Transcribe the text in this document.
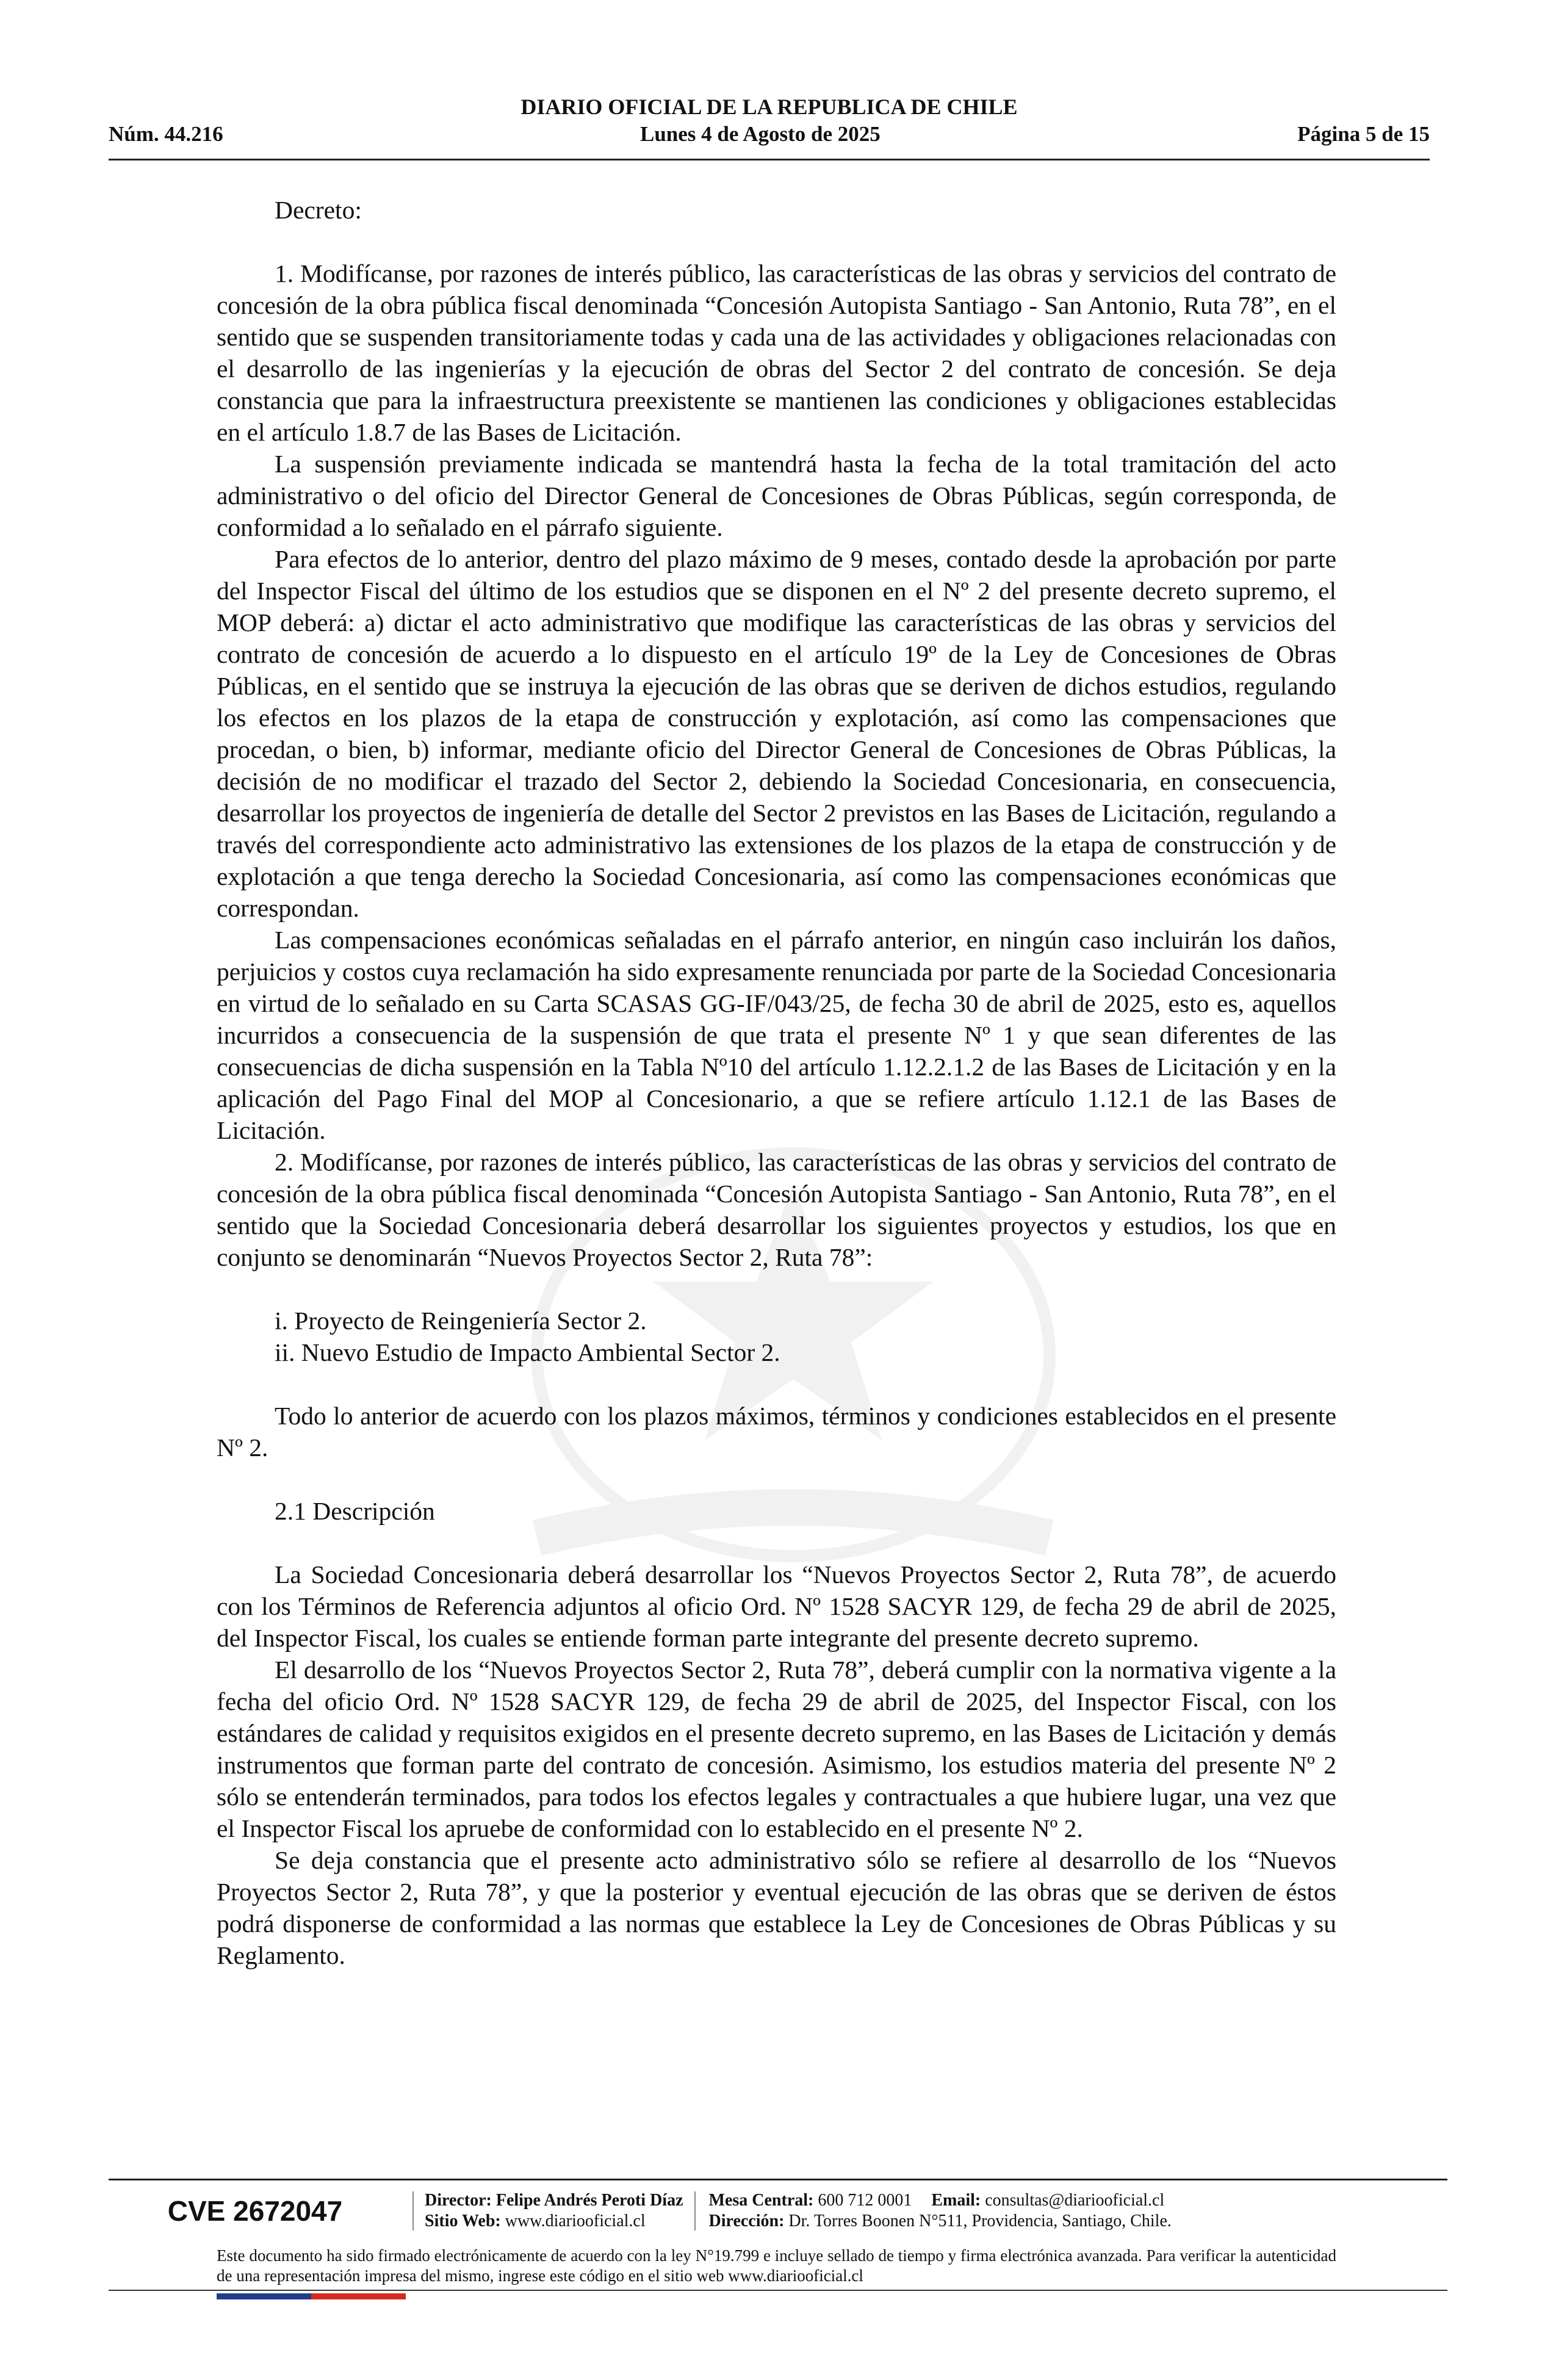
DIARIO OFICIAL DE LA REPUBLICA DE CHILE
Núm. 44.216	Lunes 4 de Agosto de 2025	Página 5 de 15

Decreto:

1. Modifícanse, por razones de interés público, las características de las obras y servicios del contrato de concesión de la obra pública fiscal denominada “Concesión Autopista Santiago - San Antonio, Ruta 78”, en el sentido que se suspenden transitoriamente todas y cada una de las actividades y obligaciones relacionadas con el desarrollo de las ingenierías y la ejecución de obras del Sector 2 del contrato de concesión. Se deja constancia que para la infraestructura preexistente se mantienen las condiciones y obligaciones establecidas en el artículo 1.8.7 de las Bases de Licitación.

La suspensión previamente indicada se mantendrá hasta la fecha de la total tramitación del acto administrativo o del oficio del Director General de Concesiones de Obras Públicas, según corresponda, de conformidad a lo señalado en el párrafo siguiente.

Para efectos de lo anterior, dentro del plazo máximo de 9 meses, contado desde la aprobación por parte del Inspector Fiscal del último de los estudios que se disponen en el Nº 2 del presente decreto supremo, el MOP deberá: a) dictar el acto administrativo que modifique las características de las obras y servicios del contrato de concesión de acuerdo a lo dispuesto en el artículo 19º de la Ley de Concesiones de Obras Públicas, en el sentido que se instruya la ejecución de las obras que se deriven de dichos estudios, regulando los efectos en los plazos de la etapa de construcción y explotación, así como las compensaciones que procedan, o bien, b) informar, mediante oficio del Director General de Concesiones de Obras Públicas, la decisión de no modificar el trazado del Sector 2, debiendo la Sociedad Concesionaria, en consecuencia, desarrollar los proyectos de ingeniería de detalle del Sector 2 previstos en las Bases de Licitación, regulando a través del correspondiente acto administrativo las extensiones de los plazos de la etapa de construcción y de explotación a que tenga derecho la Sociedad Concesionaria, así como las compensaciones económicas que correspondan.

Las compensaciones económicas señaladas en el párrafo anterior, en ningún caso incluirán los daños, perjuicios y costos cuya reclamación ha sido expresamente renunciada por parte de la Sociedad Concesionaria en virtud de lo señalado en su Carta SCASAS GG-IF/043/25, de fecha 30 de abril de 2025, esto es, aquellos incurridos a consecuencia de la suspensión de que trata el presente Nº 1 y que sean diferentes de las consecuencias de dicha suspensión en la Tabla Nº10 del artículo 1.12.2.1.2 de las Bases de Licitación y en la aplicación del Pago Final del MOP al Concesionario, a que se refiere artículo 1.12.1 de las Bases de Licitación.

2. Modifícanse, por razones de interés público, las características de las obras y servicios del contrato de concesión de la obra pública fiscal denominada “Concesión Autopista Santiago - San Antonio, Ruta 78”, en el sentido que la Sociedad Concesionaria deberá desarrollar los siguientes proyectos y estudios, los que en conjunto se denominarán “Nuevos Proyectos Sector 2, Ruta 78”:

i. Proyecto de Reingeniería Sector 2.

ii. Nuevo Estudio de Impacto Ambiental Sector 2.

Todo lo anterior de acuerdo con los plazos máximos, términos y condiciones establecidos en el presente Nº 2.

2.1 Descripción

La Sociedad Concesionaria deberá desarrollar los “Nuevos Proyectos Sector 2, Ruta 78”, de acuerdo con los Términos de Referencia adjuntos al oficio Ord. Nº 1528 SACYR 129, de fecha 29 de abril de 2025, del Inspector Fiscal, los cuales se entiende forman parte integrante del presente decreto supremo.

El desarrollo de los “Nuevos Proyectos Sector 2, Ruta 78”, deberá cumplir con la normativa vigente a la fecha del oficio Ord. Nº 1528 SACYR 129, de fecha 29 de abril de 2025, del Inspector Fiscal, con los estándares de calidad y requisitos exigidos en el presente decreto supremo, en las Bases de Licitación y demás instrumentos que forman parte del contrato de concesión. Asimismo, los estudios materia del presente Nº 2 sólo se entenderán terminados, para todos los efectos legales y contractuales a que hubiere lugar, una vez que el Inspector Fiscal los apruebe de conformidad con lo establecido en el presente Nº 2.

Se deja constancia que el presente acto administrativo sólo se refiere al desarrollo de los “Nuevos Proyectos Sector 2, Ruta 78”, y que la posterior y eventual ejecución de las obras que se deriven de éstos podrá disponerse de conformidad a las normas que establece la Ley de Concesiones de Obras Públicas y su Reglamento.

CVE 2672047	Director: Felipe Andrés Peroti Díaz
Sitio Web: www.diariooficial.cl
Mesa Central: 600 712 0001 Email: consultas@diariooficial.cl
Dirección: Dr. Torres Boonen N°511, Providencia, Santiago, Chile.
Este documento ha sido firmado electrónicamente de acuerdo con la ley N°19.799 e incluye sellado de tiempo y firma electrónica avanzada. Para verificar la autenticidad de una representación impresa del mismo, ingrese este código en el sitio web www.diariooficial.cl
